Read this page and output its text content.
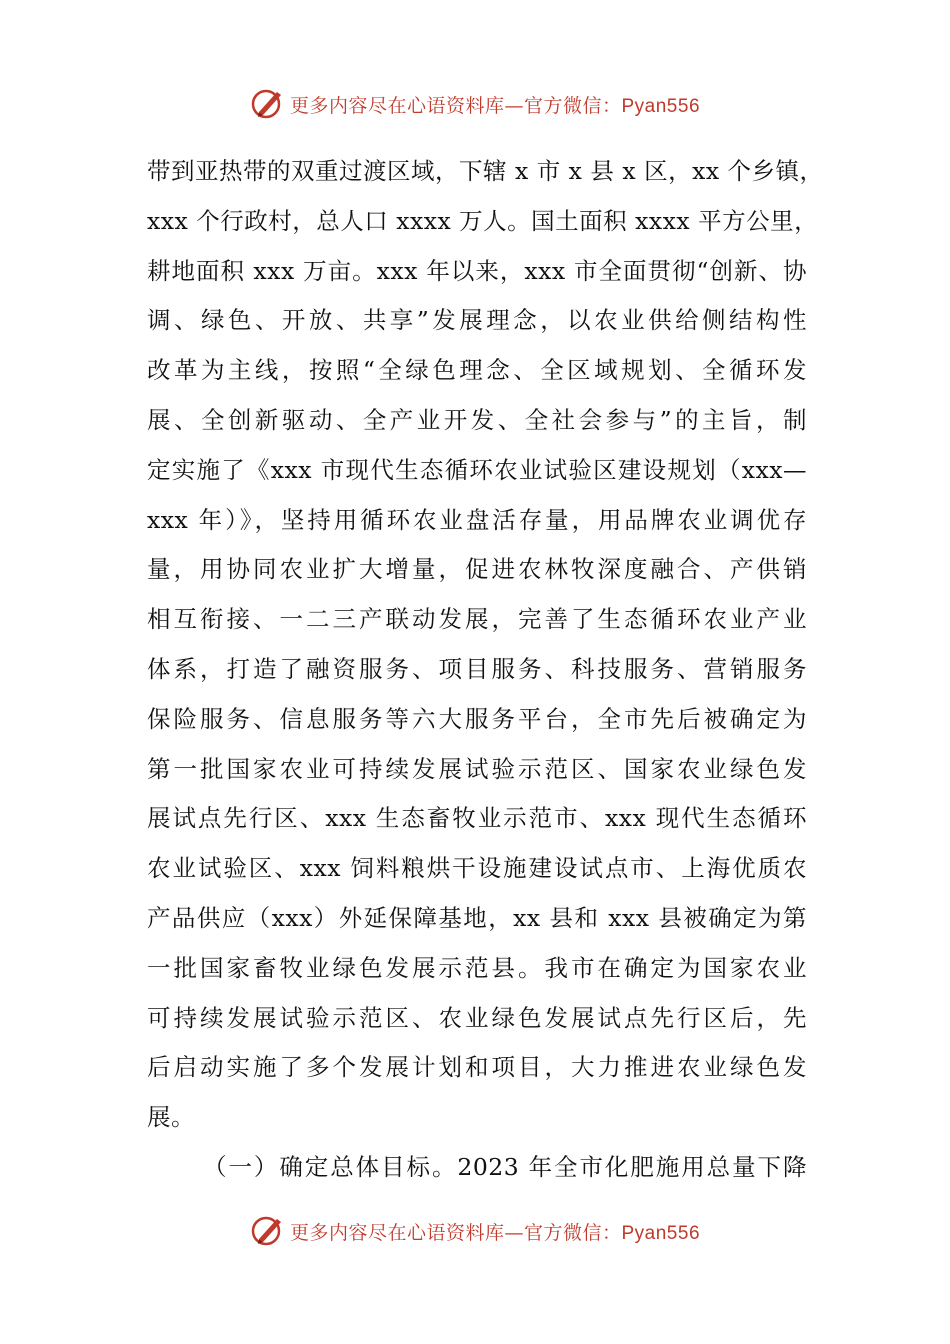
更多内容尽在心语资料库—官方微信：Pyan556
带到亚热带的双重过渡区域，下辖 x 市 x 县 x 区，xx 个乡镇，
xxx 个行政村，总人口 xxxx 万人。国土面积 xxxx 平方公里，
耕地面积 xxx 万亩。xxx 年以来，xxx 市全面贯彻“创新、协
调、绿色、开放、共享”发展理念，以农业供给侧结构性
改革为主线，按照“全绿色理念、全区域规划、全循环发
展、全创新驱动、全产业开发、全社会参与”的主旨，制
定实施了《xxx 市现代生态循环农业试验区建设规划（xxx—
xxx 年）》，坚持用循环农业盘活存量，用品牌农业调优存
量，用协同农业扩大增量，促进农林牧深度融合、产供销
相互衔接、一二三产联动发展，完善了生态循环农业产业
体系，打造了融资服务、项目服务、科技服务、营销服务
保险服务、信息服务等六大服务平台，全市先后被确定为
第一批国家农业可持续发展试验示范区、国家农业绿色发
展试点先行区、xxx 生态畜牧业示范市、xxx 现代生态循环
农业试验区、xxx 饲料粮烘干设施建设试点市、上海优质农
产品供应（xxx）外延保障基地，xx 县和 xxx 县被确定为第
一批国家畜牧业绿色发展示范县。我市在确定为国家农业
可持续发展试验示范区、农业绿色发展试点先行区后，先
后启动实施了多个发展计划和项目，大力推进农业绿色发
展。
（一）确定总体目标。2023 年全市化肥施用总量下降
更多内容尽在心语资料库—官方微信：Pyan556
